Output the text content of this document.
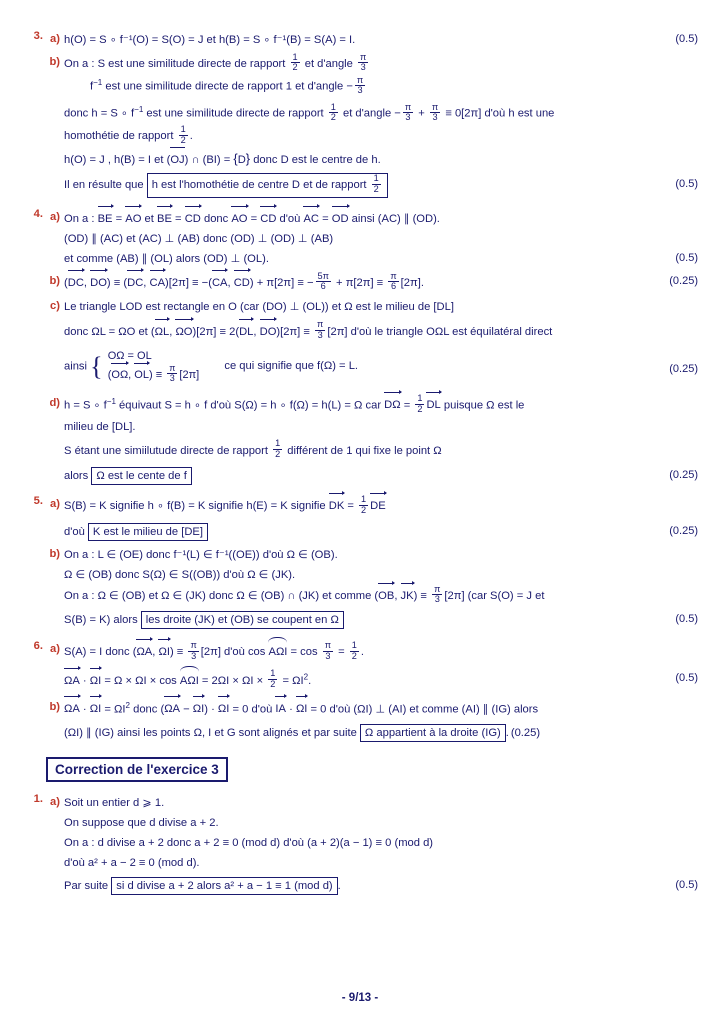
3. a) h(O) = S ∘ f⁻¹(O) = S(O) = J et h(B) = S ∘ f⁻¹(B) = S(A) = I.	(0.5)
b) On a : S est une similitude directe de rapport $\frac{1}{2}$ et d'angle $\frac{\pi}{3}$
$f^{-1}$ est une similitude directe de rapport 1 et d'angle − $\frac{\pi}{3}$
donc h = S ∘ $f^{-1}$ est une similitude directe de rapport $\frac{1}{2}$ et d'angle − $\frac{\pi}{3} + \frac{\pi}{3} \equiv 0[2\pi]$ d'où h est une
homothétie de rapport $\frac{1}{2}$ .
h(O) = J , h(B) = I et (OJ) ∩ (BI) = {D} donc D est le centre de h.
Il en résulte que h est l'homothétie de centre D et de rapport $\frac{1}{2}$	(0.5)
4. a) On a : BE = AO et BE = CD donc AO = CD d'où AC = OD ainsi (AC) ∥ (OD).
(OD) ∥ (AC) et (AC) ⊥ (AB) donc (OD) ⊥ (OD) ⊥ (AB)
et comme (AB) ∥ (OL) alors (OD) ⊥ (OL).	(0.5)
b) (DC, DO) ≡ (DC, CA)[2π] ≡ −(CA, CD) + π[2π] ≡ − $\frac{5\pi}{6} + \pi[2\pi] \equiv \frac{\pi}{6} [2\pi]$.	(0.25)
c) Le triangle LOD est rectangle en O (car (DO) ⊥ (OL)) et Ω est le milieu de [DL]
donc ΩL = ΩO et (ΩL, ΩO)[2π] ≡ 2(DL, $DO)[2\pi] \equiv \frac{\pi}{3} [2\pi]$ d'où le triangle OΩL est équilatéral direct
ainsi { OΩ = OL
(OΩ, $OL) \equiv \frac{\pi}{3} [2\pi]$
ce qui signifie que f(Ω) = L.	(0.25)
d) h = S ∘ $f^{-1}$ équivaut S = h ∘ f d'où S(Ω) = h ∘ f(Ω) = h(L) = Ω car $D\Omega = \frac{1}{2}$ DL puisque Ω est le
milieu de [DL].
S étant une simiilutude directe de rapport $\frac{1}{2}$ différent de 1 qui fixe le point Ω
alors Ω est le cente de f	(0.25)
5. a) S(B) = K signifie h ∘ f(B) = K signifie h(E) = K signifie DK = $\frac{1}{2}$ DE
d'où K est le milieu de [DE]	(0.25)
b) On a : L ∈ (OE) donc f⁻¹(L) ∈ f⁻¹((OE)) d'où Ω ∈ (OB).
Ω ∈ (OB) donc S(Ω) ∈ S((OB)) d'où Ω ∈ (JK).
On a : Ω ∈ (OB) et Ω ∈ (JK) donc Ω ∈ (OB) ∩ (JK) et comme (OB, $JK) \equiv \frac{\pi}{3} [2\pi]$ (car S(O) = J et
S(B) = K) alors les droite (JK) et (OB) se coupent en Ω	(0.5)
6. a) S(A) = I donc (ΩA, $\Omega I) \equiv \frac{\pi}{3} [2\pi]$ d'où $\cos A\Omega I = \cos \frac{\pi}{3} = \frac{1}{2}$ .
$\Omega A \cdot \Omega I = \Omega \times \Omega I \times \cos A\Omega I = 2\Omega I \times \Omega I \times \frac{1}{2} = \Omega I^2$.	(0.5)
b) $\Omega A \cdot \Omega I = \Omega I^2$ donc (ΩA − ΩI) · ΩI = 0 d'où IA · ΩI = 0 d'où (ΩI) ⊥ (AI) et comme (AI) ∥ (IG) alors
(ΩI) ∥ (IG) ainsi les points Ω, I et G sont alignés et par suite Ω appartient à la droite (IG) . (0.25)
Correction de l'exercice 3
1. a) Soit un entier d ⩾ 1.
On suppose que d divise a + 2.
On a : d divise a + 2 donc a + 2 ≡ 0 (mod d) d'où (a + 2)(a − 1) ≡ 0 (mod d)
d'où a² + a − 2 ≡ 0 (mod d).
Par suite si d divise a + 2 alors a² + a − 1 ≡ 1 (mod d) .	(0.5)
- 9/13 -
